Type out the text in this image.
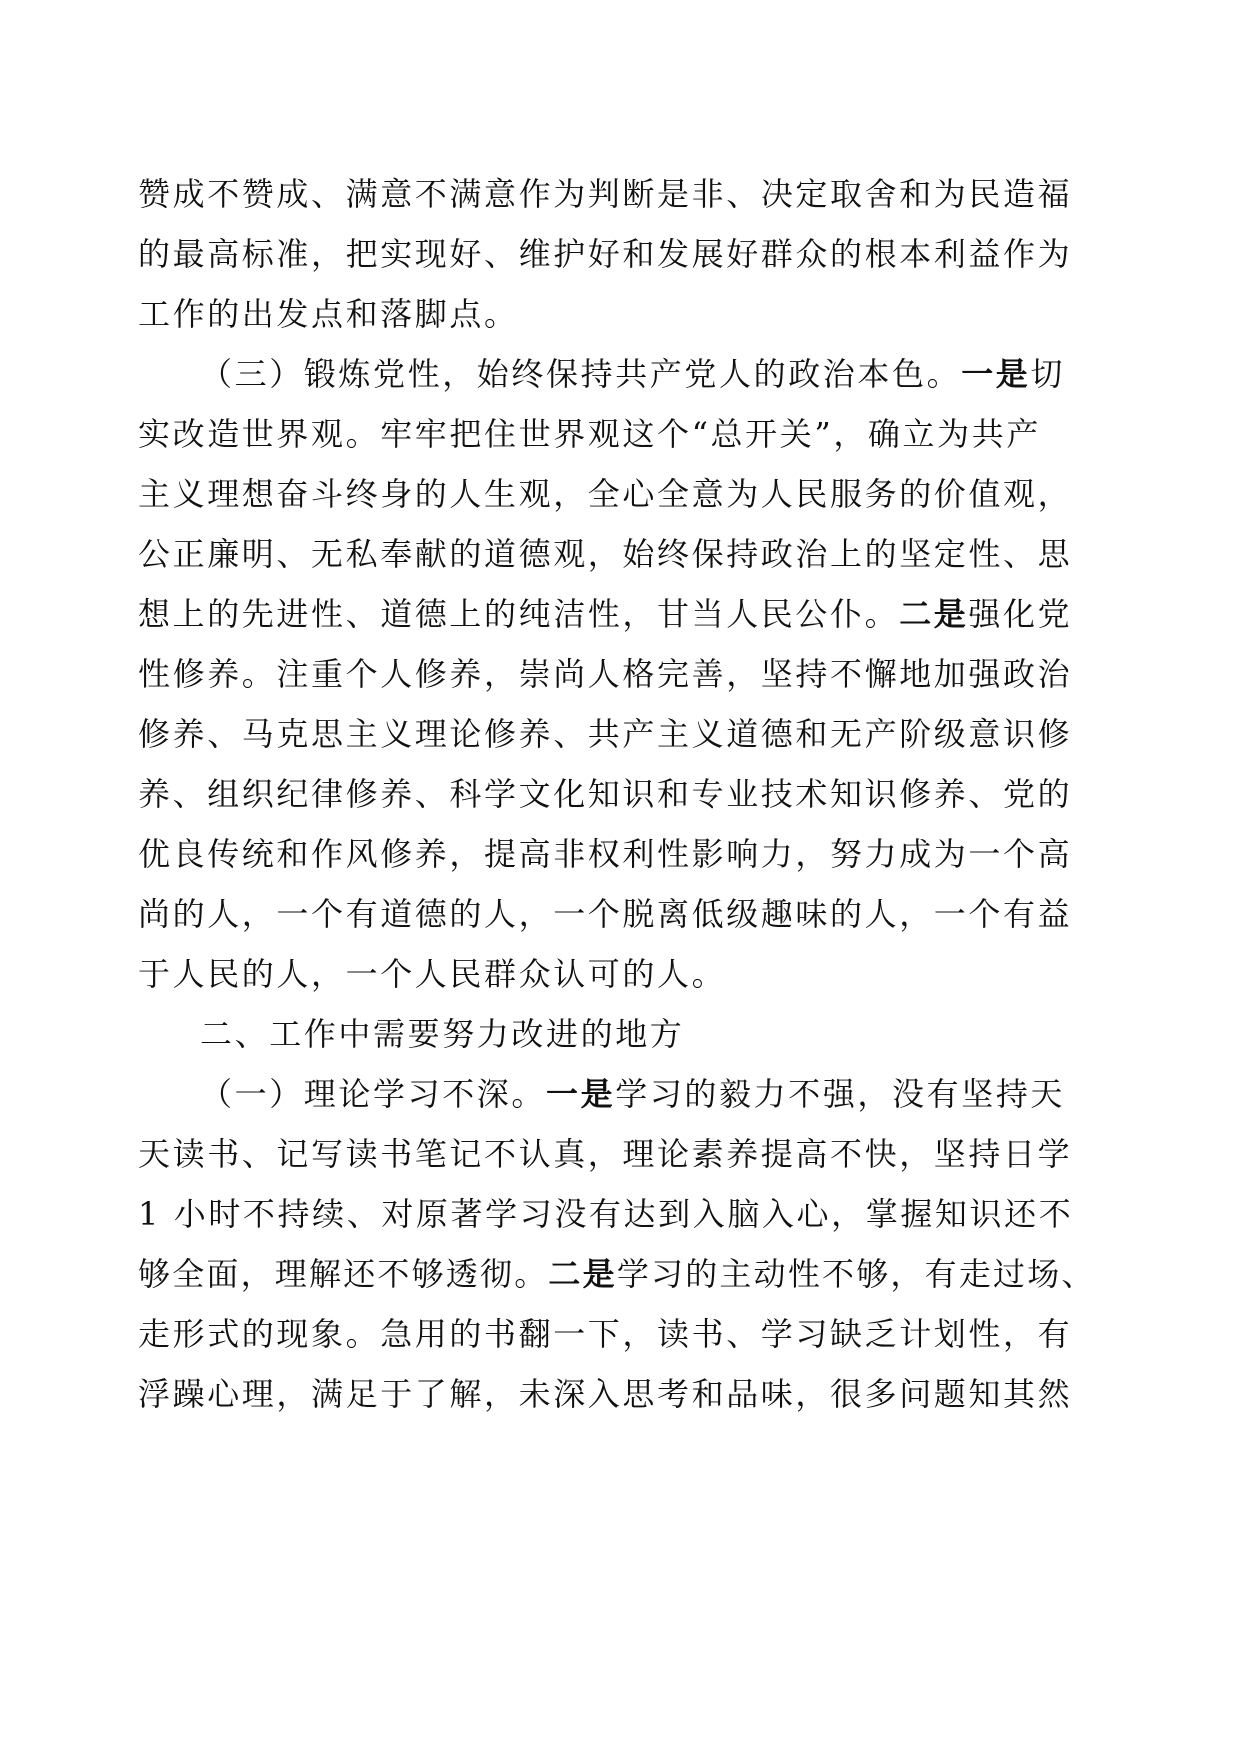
赞成不赞成、满意不满意作为判断是非、决定取舍和为民造福
的最高标准，把实现好、维护好和发展好群众的根本利益作为
工作的出发点和落脚点。
（三）锻炼党性，始终保持共产党人的政治本色。一是切
实改造世界观。牢牢把住世界观这个“总开关”，确立为共产
主义理想奋斗终身的人生观，全心全意为人民服务的价值观，
公正廉明、无私奉献的道德观，始终保持政治上的坚定性、思
想上的先进性、道德上的纯洁性，甘当人民公仆。二是强化党
性修养。注重个人修养，崇尚人格完善，坚持不懈地加强政治
修养、马克思主义理论修养、共产主义道德和无产阶级意识修
养、组织纪律修养、科学文化知识和专业技术知识修养、党的
优良传统和作风修养，提高非权利性影响力，努力成为一个高
尚的人，一个有道德的人，一个脱离低级趣味的人，一个有益
于人民的人，一个人民群众认可的人。
二、工作中需要努力改进的地方
（一）理论学习不深。一是学习的毅力不强，没有坚持天
天读书、记写读书笔记不认真，理论素养提高不快，坚持日学
1 小时不持续、对原著学习没有达到入脑入心，掌握知识还不
够全面，理解还不够透彻。二是学习的主动性不够，有走过场、
走形式的现象。急用的书翻一下，读书、学习缺乏计划性，有
浮躁心理，满足于了解，未深入思考和品味，很多问题知其然
